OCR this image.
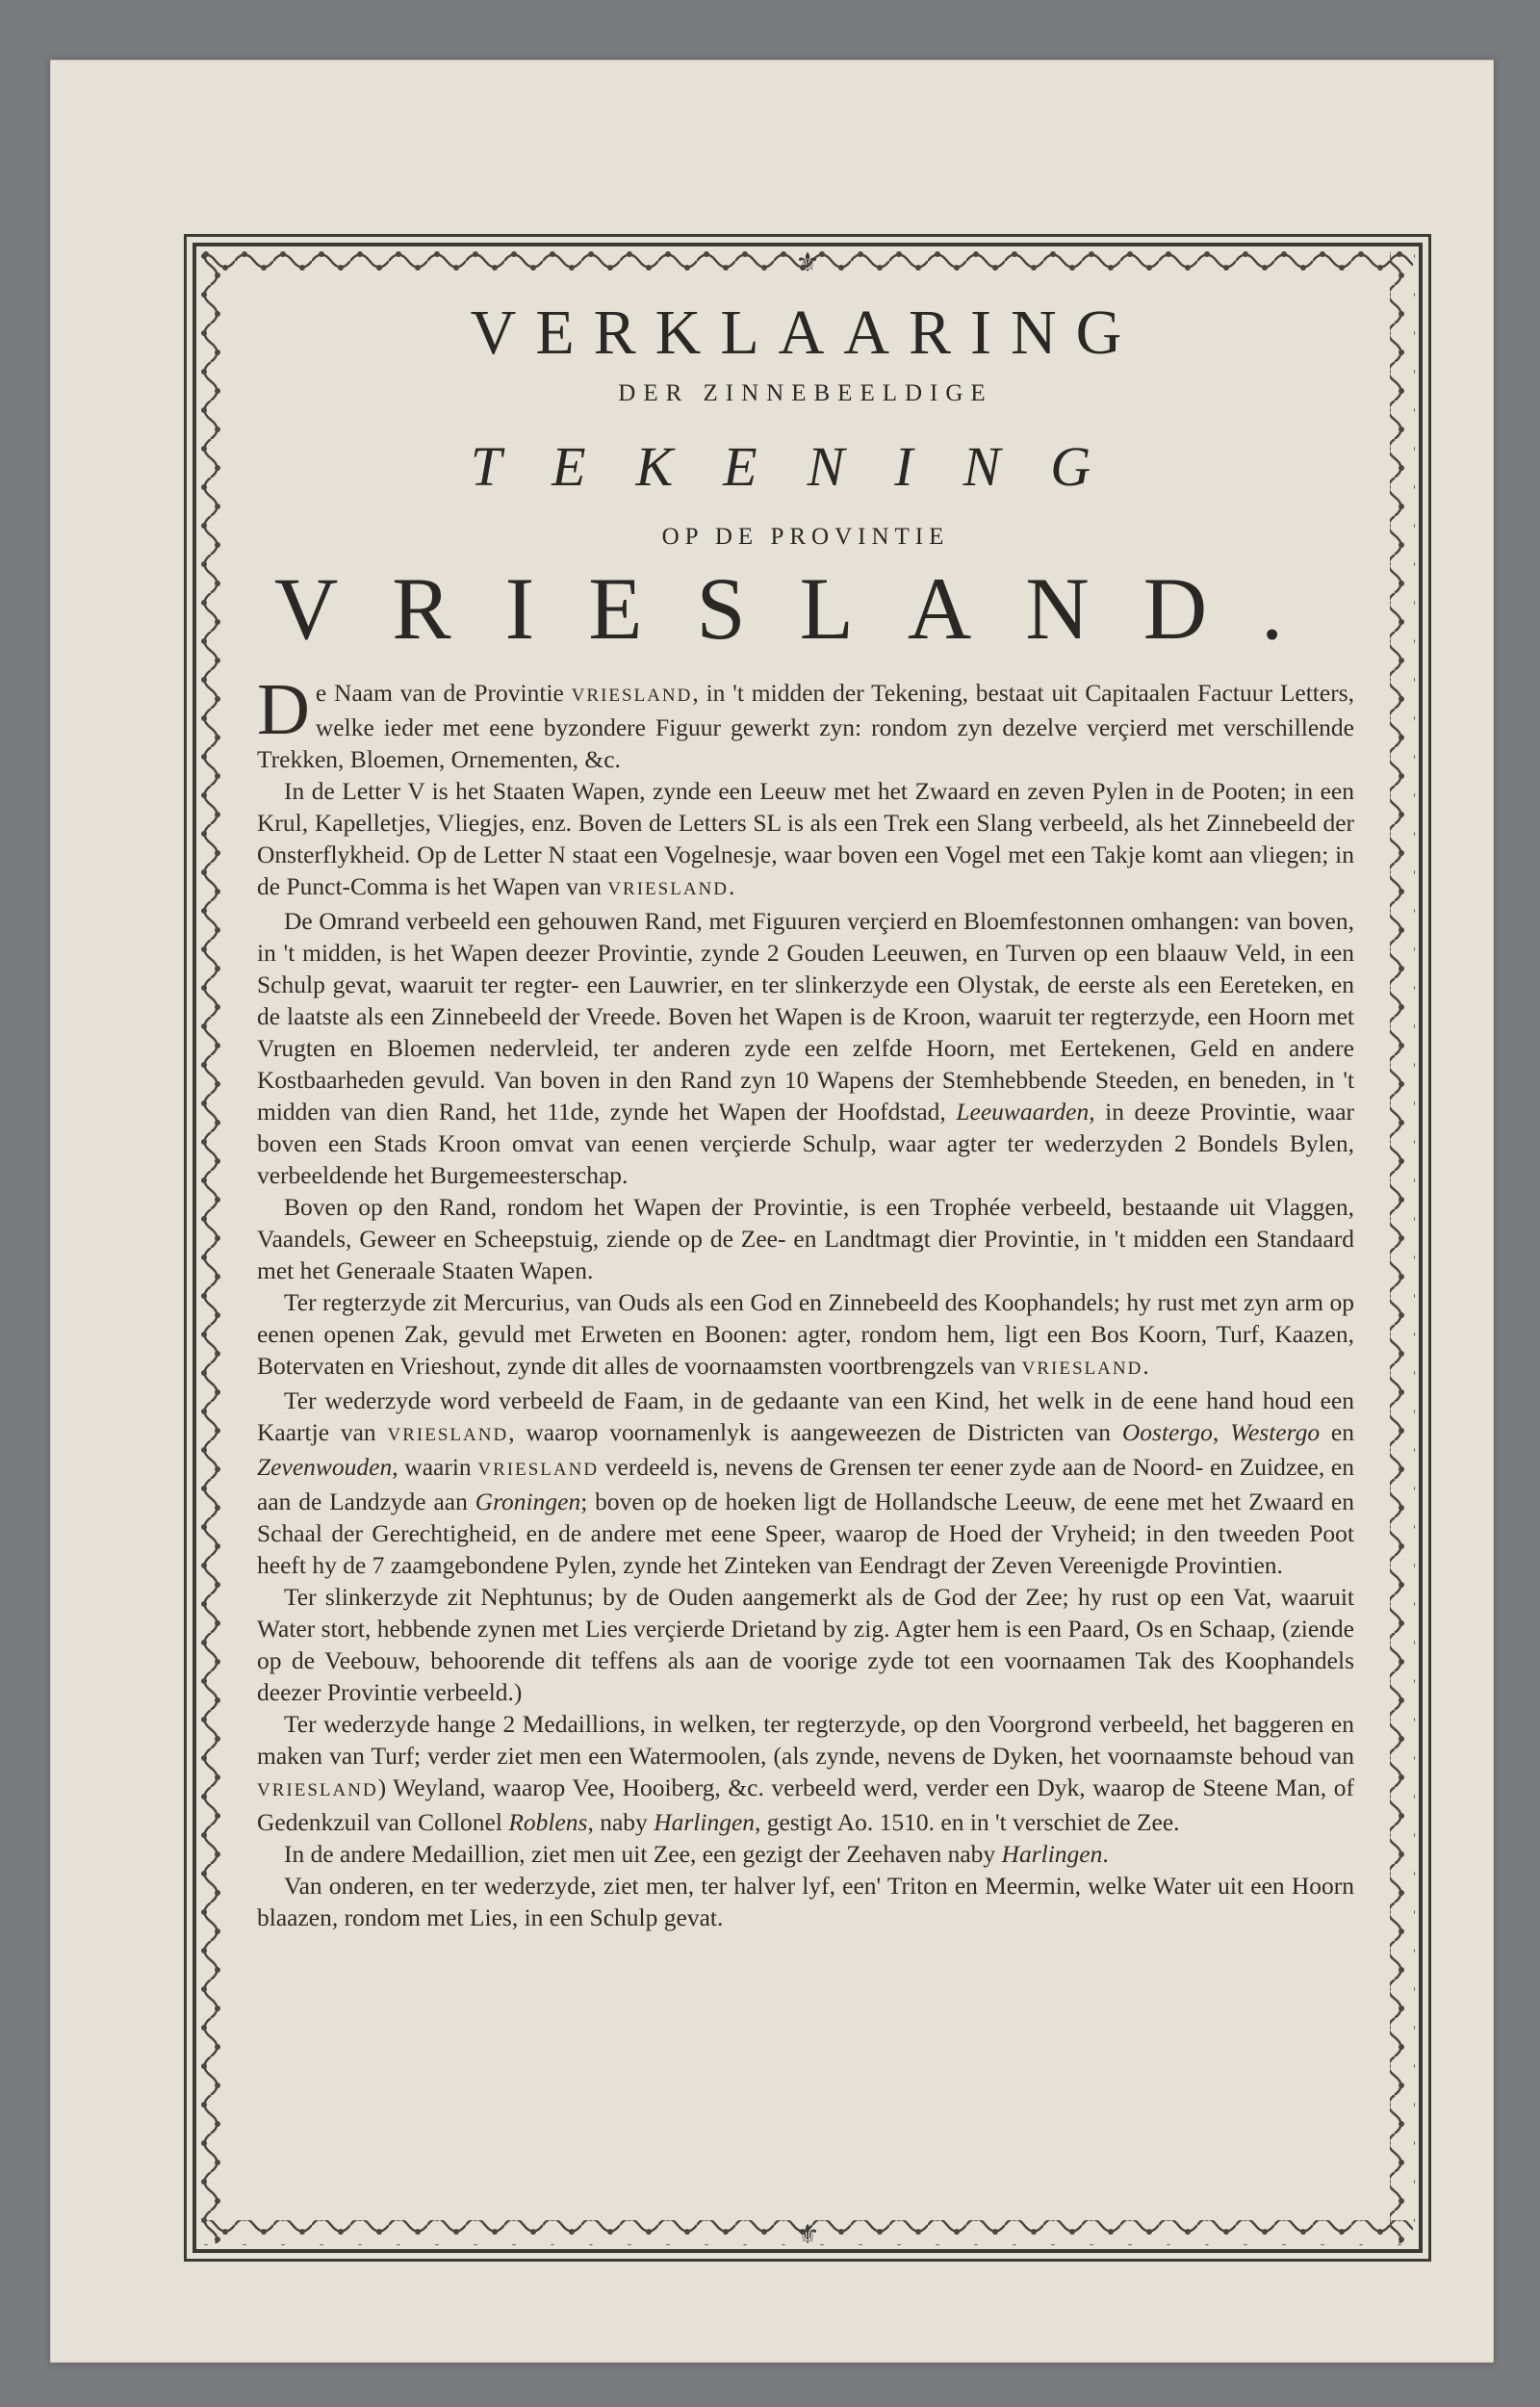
⚜
⚜
VERKLAARING
DER ZINNEBEELDIGE
TEKENING
OP DE PROVINTIE
VRIESLAND.

De Naam van de Provintie VRIESLAND, in 't midden der Tekening, bestaat uit Capitaalen Factuur Letters, welke ieder met eene byzondere Figuur gewerkt zyn: rondom zyn dezelve verçierd met verschillende Trekken, Bloemen, Ornementen, &c.

In de Letter V is het Staaten Wapen, zynde een Leeuw met het Zwaard en zeven Pylen in de Pooten; in een Krul, Kapelletjes, Vliegjes, enz. Boven de Letters SL is als een Trek een Slang verbeeld, als het Zinnebeeld der Onsterflykheid. Op de Letter N staat een Vogelnesje, waar boven een Vogel met een Takje komt aan vliegen; in de Punct-Comma is het Wapen van VRIESLAND.

De Omrand verbeeld een gehouwen Rand, met Figuuren verçierd en Bloemfestonnen omhangen: van boven, in 't midden, is het Wapen deezer Provintie, zynde 2 Gouden Leeuwen, en Turven op een blaauw Veld, in een Schulp gevat, waaruit ter regter- een Lauwrier, en ter slinkerzyde een Olystak, de eerste als een Eereteken, en de laatste als een Zinnebeeld der Vreede. Boven het Wapen is de Kroon, waaruit ter regterzyde, een Hoorn met Vrugten en Bloemen nedervleid, ter anderen zyde een zelfde Hoorn, met Eertekenen, Geld en andere Kostbaarheden gevuld. Van boven in den Rand zyn 10 Wapens der Stemhebbende Steeden, en beneden, in 't midden van dien Rand, het 11de, zynde het Wapen der Hoofdstad, Leeuwaarden, in deeze Provintie, waar boven een Stads Kroon omvat van eenen verçierde Schulp, waar agter ter wederzyden 2 Bondels Bylen, verbeeldende het Burgemeesterschap.

Boven op den Rand, rondom het Wapen der Provintie, is een Trophée verbeeld, bestaande uit Vlaggen, Vaandels, Geweer en Scheepstuig, ziende op de Zee- en Landtmagt dier Provintie, in 't midden een Standaard met het Generaale Staaten Wapen.

Ter regterzyde zit Mercurius, van Ouds als een God en Zinnebeeld des Koophandels; hy rust met zyn arm op eenen openen Zak, gevuld met Erweten en Boonen: agter, rondom hem, ligt een Bos Koorn, Turf, Kaazen, Botervaten en Vrieshout, zynde dit alles de voornaamsten voortbrengzels van VRIESLAND.

Ter wederzyde word verbeeld de Faam, in de gedaante van een Kind, het welk in de eene hand houd een Kaartje van VRIESLAND, waarop voornamenlyk is aangeweezen de Districten van Oostergo, Westergo en Zevenwouden, waarin VRIESLAND verdeeld is, nevens de Grensen ter eener zyde aan de Noord- en Zuidzee, en aan de Landzyde aan Groningen; boven op de hoeken ligt de Hollandsche Leeuw, de eene met het Zwaard en Schaal der Gerechtigheid, en de andere met eene Speer, waarop de Hoed der Vryheid; in den tweeden Poot heeft hy de 7 zaamgebondene Pylen, zynde het Zinteken van Eendragt der Zeven Vereenigde Provintien.

Ter slinkerzyde zit Nephtunus; by de Ouden aangemerkt als de God der Zee; hy rust op een Vat, waaruit Water stort, hebbende zynen met Lies verçierde Drietand by zig. Agter hem is een Paard, Os en Schaap, (ziende op de Veebouw, behoorende dit teffens als aan de voorige zyde tot een voornaamen Tak des Koophandels deezer Provintie verbeeld.)

Ter wederzyde hange 2 Medaillions, in welken, ter regterzyde, op den Voorgrond verbeeld, het baggeren en maken van Turf; verder ziet men een Watermoolen, (als zynde, nevens de Dyken, het voornaamste behoud van VRIESLAND) Weyland, waarop Vee, Hooiberg, &c. verbeeld werd, verder een Dyk, waarop de Steene Man, of Gedenkzuil van Collonel Roblens, naby Harlingen, gestigt Ao. 1510. en in 't verschiet de Zee.

In de andere Medaillion, ziet men uit Zee, een gezigt der Zeehaven naby Harlingen.

Van onderen, en ter wederzyde, ziet men, ter halver lyf, een' Triton en Meermin, welke Water uit een Hoorn blaazen, rondom met Lies, in een Schulp gevat.
